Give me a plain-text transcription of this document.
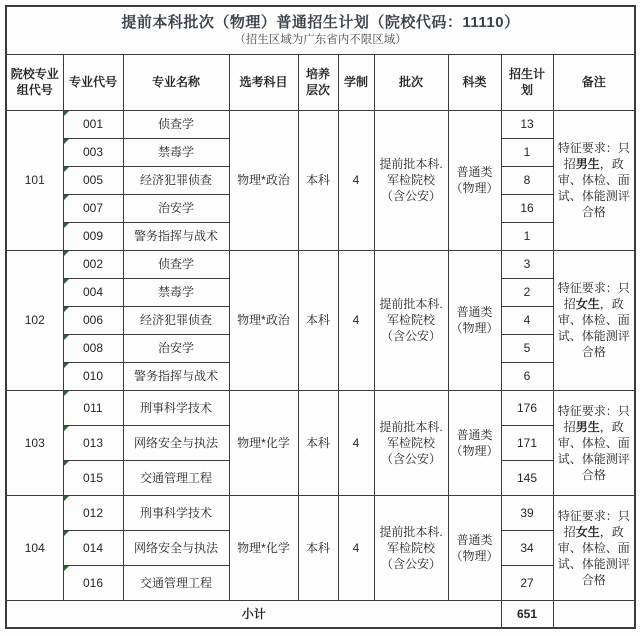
提前本科批次（物理）普通招生计划（院校代码：11110）
（招生区域为广东省内不限区域）									

院校专业组代号	专业代号	专业名称	选考科目	培养层次	学制	批次	科类	招生计划	备注
101	001	侦查学	物理*政治	本科	4	提前批本科.军检院校（含公安）	普通类（物理）	13	特征要求：只招男生，政审、体检、面试、体能测评合格

003	禁毒学						1	

005	经济犯罪侦查						8	

007	治安学						16	

009	警务指挥与战术						1	
102	002	侦查学	物理*政治	本科	4	提前批本科.军检院校（含公安）	普通类（物理）	3	特征要求：只招女生，政审、体检、面试、体能测评合格

004	禁毒学						2	

006	经济犯罪侦查						4	

008	治安学						5	

010	警务指挥与战术						6	
103	011	刑事科学技术	物理*化学	本科	4	提前批本科.军检院校（含公安）	普通类（物理）	176	特征要求：只招男生，政审、体检、面试、体能测评合格

013	网络安全与执法						171	

015	交通管理工程						145	
104	012	刑事科学技术	物理*化学	本科	4	提前批本科.军检院校（含公安）	普通类（物理）	39	特征要求：只招女生，政审、体检、面试、体能测评合格

014	网络安全与执法						34	

016	交通管理工程						27	
小计								651	
